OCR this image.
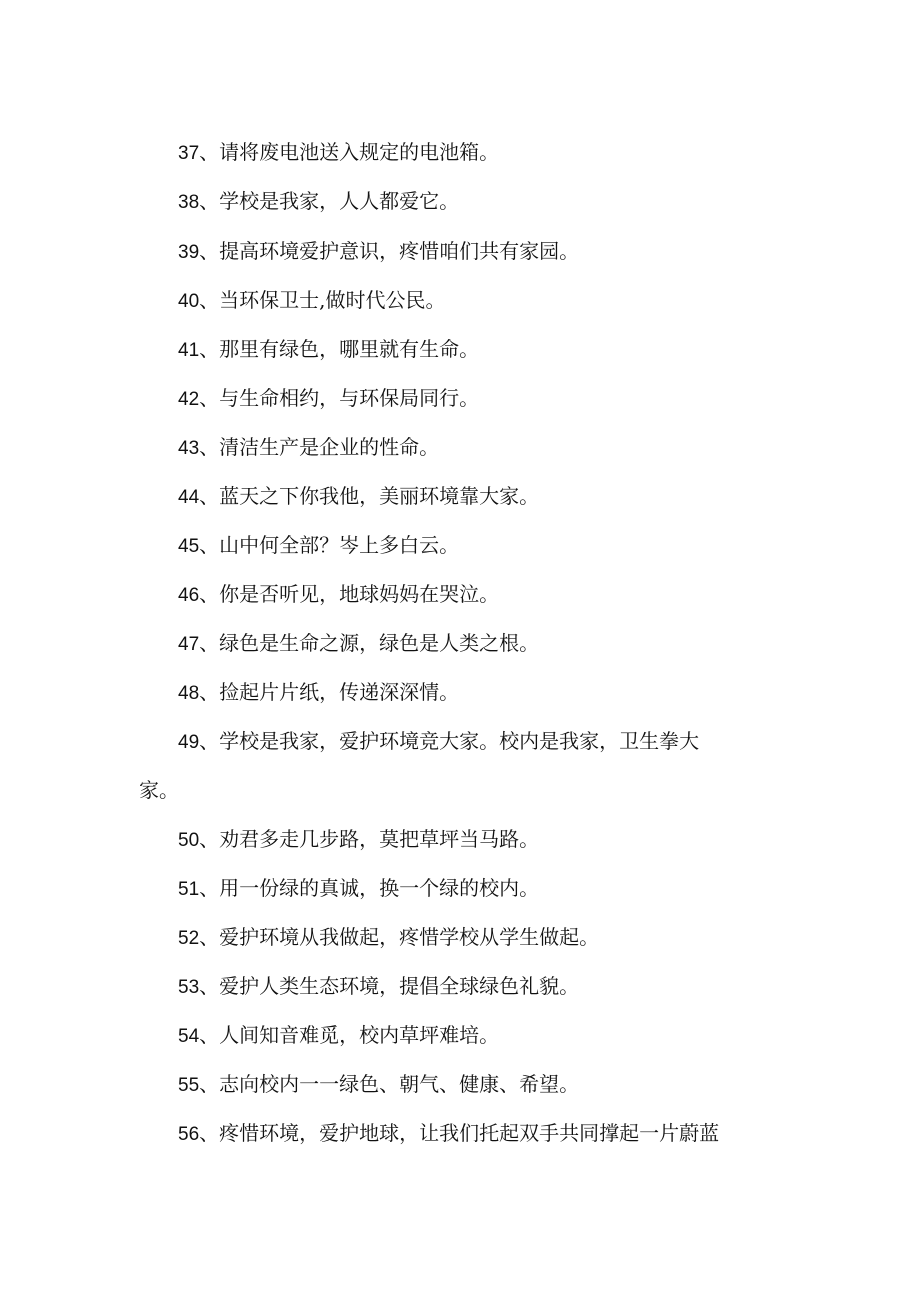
37、请将废电池送入规定的电池箱。
38、学校是我家，人人都爱它。
39、提高环境爱护意识，疼惜咱们共有家园。
40、当环保卫士,做时代公民。
41、那里有绿色，哪里就有生命。
42、与生命相约，与环保局同行。
43、清洁生产是企业的性命。
44、蓝天之下你我他，美丽环境靠大家。
45、山中何全部？岑上多白云。
46、你是否听见，地球妈妈在哭泣。
47、绿色是生命之源，绿色是人类之根。
48、捡起片片纸，传递深深情。
49、学校是我家，爱护环境竞大家。校内是我家，卫生拳大
家。
50、劝君多走几步路，莫把草坪当马路。
51、用一份绿的真诚，换一个绿的校内。
52、爱护环境从我做起，疼惜学校从学生做起。
53、爱护人类生态环境，提倡全球绿色礼貌。
54、人间知音难觅，校内草坪难培。
55、志向校内一一绿色、朝气、健康、希望。
56、疼惜环境，爱护地球，让我们托起双手共同撑起一片蔚蓝
